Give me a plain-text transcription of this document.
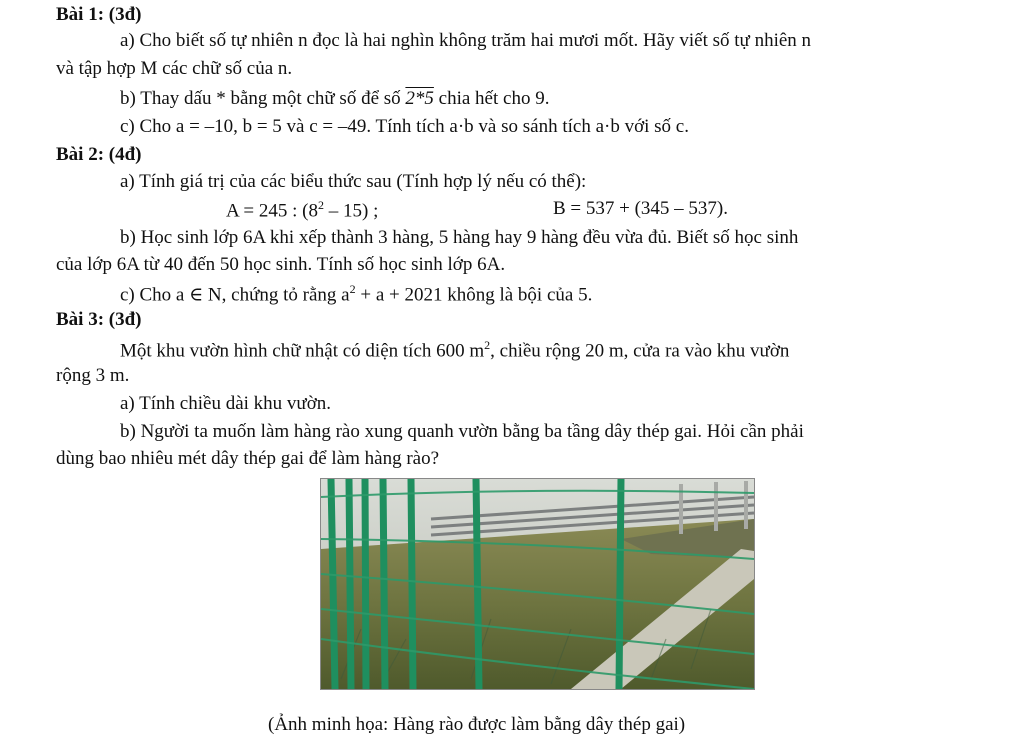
Bài 1: (3đ)
a) Cho biết số tự nhiên n đọc là hai nghìn không trăm hai mươi mốt. Hãy viết số tự nhiên n
và tập hợp M các chữ số của n.
b) Thay dấu * bằng một chữ số để số 2*5 chia hết cho 9.
c) Cho a = –10, b = 5 và c = –49. Tính tích a·b và so sánh tích a·b với số c.
Bài 2: (4đ)
a) Tính giá trị của các biểu thức sau (Tính hợp lý nếu có thể):
A = 245 : $(8^2 - 15)$ ;	B = 537 + (345 – 537).
b) Học sinh lớp 6A khi xếp thành 3 hàng, 5 hàng hay 9 hàng đều vừa đủ. Biết số học sinh
của lớp 6A từ 40 đến 50 học sinh. Tính số học sinh lớp 6A.
c) Cho a ∈ N, chứng tỏ rằng $a^2 + a + 2021$ không là bội của 5.
Bài 3: (3đ)
Một khu vườn hình chữ nhật có diện tích 600 $m^2$, chiều rộng 20 m, cửa ra vào khu vườn
rộng 3 m.
a) Tính chiều dài khu vườn.
b) Người ta muốn làm hàng rào xung quanh vườn bằng ba tầng dây thép gai. Hỏi cần phải
dùng bao nhiêu mét dây thép gai để làm hàng rào?
(Ảnh minh họa: Hàng rào được làm bằng dây thép gai)
